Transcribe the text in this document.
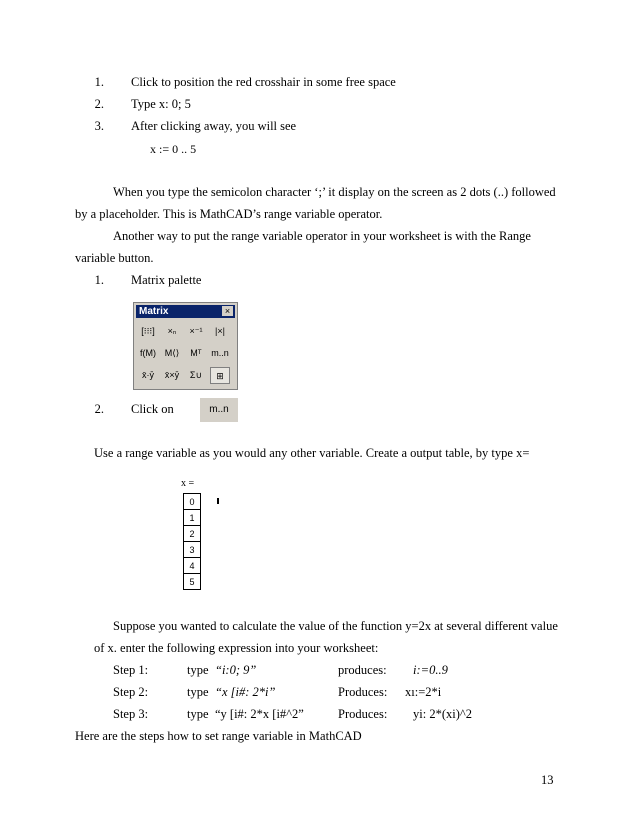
1. Click to position the red crosshair in some free space
2. Type x: 0; 5
3. After clicking away, you will see
x := 0 .. 5
When you type the semicolon character ‘;’ it display on the screen as 2 dots (..) followed
by a placeholder. This is MathCAD’s range variable operator.
Another way to put the range variable operator in your worksheet is with the Range
variable button.
1. Matrix palette
Matrix	×
[⁝⁝⁝]	×ₙ	×⁻¹	|×|
f(M) M⟨⟩	Mᵀ	m..n
x̄·ȳ	x̄×ȳ	Σ∪	⊞
2. Click on	m..n
Use a range variable as you would any other variable. Create a output table, by type x=
x =
0
1
2
3
4
5
Suppose you wanted to calculate the value of the function y=2x at several different value
of x. enter the following expression into your worksheet:
Step 1:	type “i:0; 9”	produces: i:=0..9
Step 2:	type “x [i#: 2*i”	Produces: xı:=2*i
Step 3:	type “y [i#: 2*x [i#^2”	Produces: yi: 2*(xi)^2
Here are the steps how to set range variable in MathCAD
13
